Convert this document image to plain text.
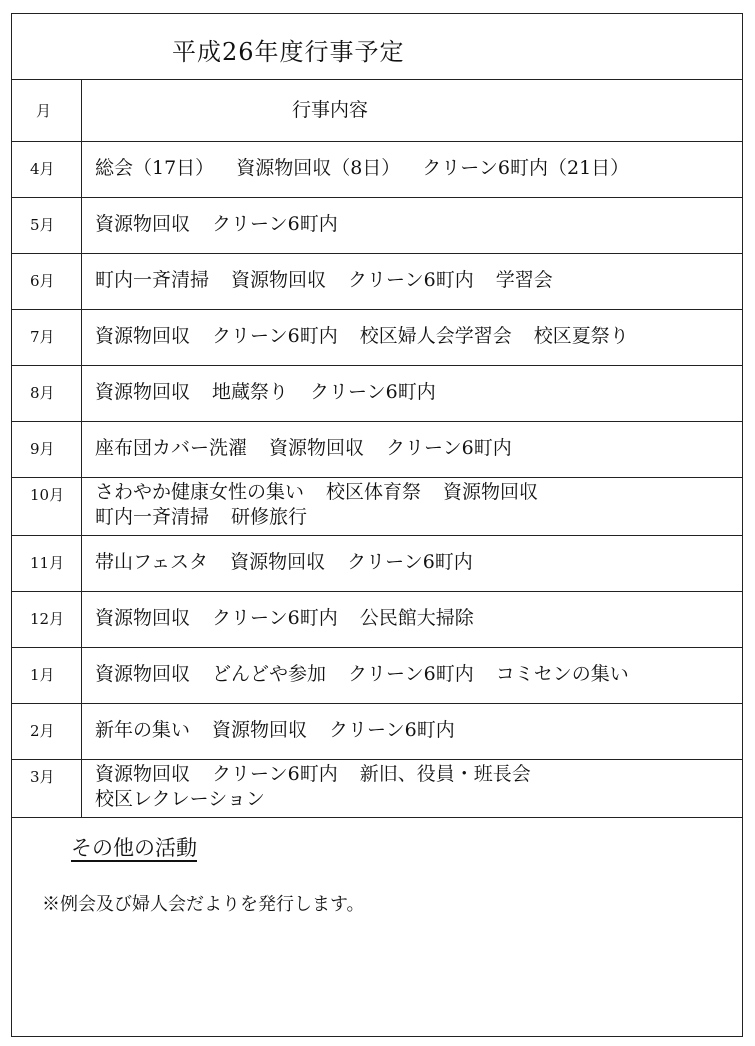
平成26年度行事予定
月	行事内容
4月	総会（17日） 資源物回収（8日） クリーン6町内（21日）
5月	資源物回収 クリーン6町内
6月	町内一斉清掃 資源物回収 クリーン6町内 学習会
7月	資源物回収 クリーン6町内 校区婦人会学習会 校区夏祭り
8月	資源物回収 地蔵祭り クリーン6町内
9月	座布団カバー洗濯 資源物回収 クリーン6町内
10月	さわやか健康女性の集い 校区体育祭 資源物回収
町内一斉清掃 研修旅行
11月	帯山フェスタ 資源物回収 クリーン6町内
12月	資源物回収 クリーン6町内 公民館大掃除
1月	資源物回収 どんどや参加 クリーン6町内 コミセンの集い
2月	新年の集い 資源物回収 クリーン6町内
3月	資源物回収 クリーン6町内 新旧、役員・班長会
校区レクレーション
その他の活動
※例会及び婦人会だよりを発行します。
